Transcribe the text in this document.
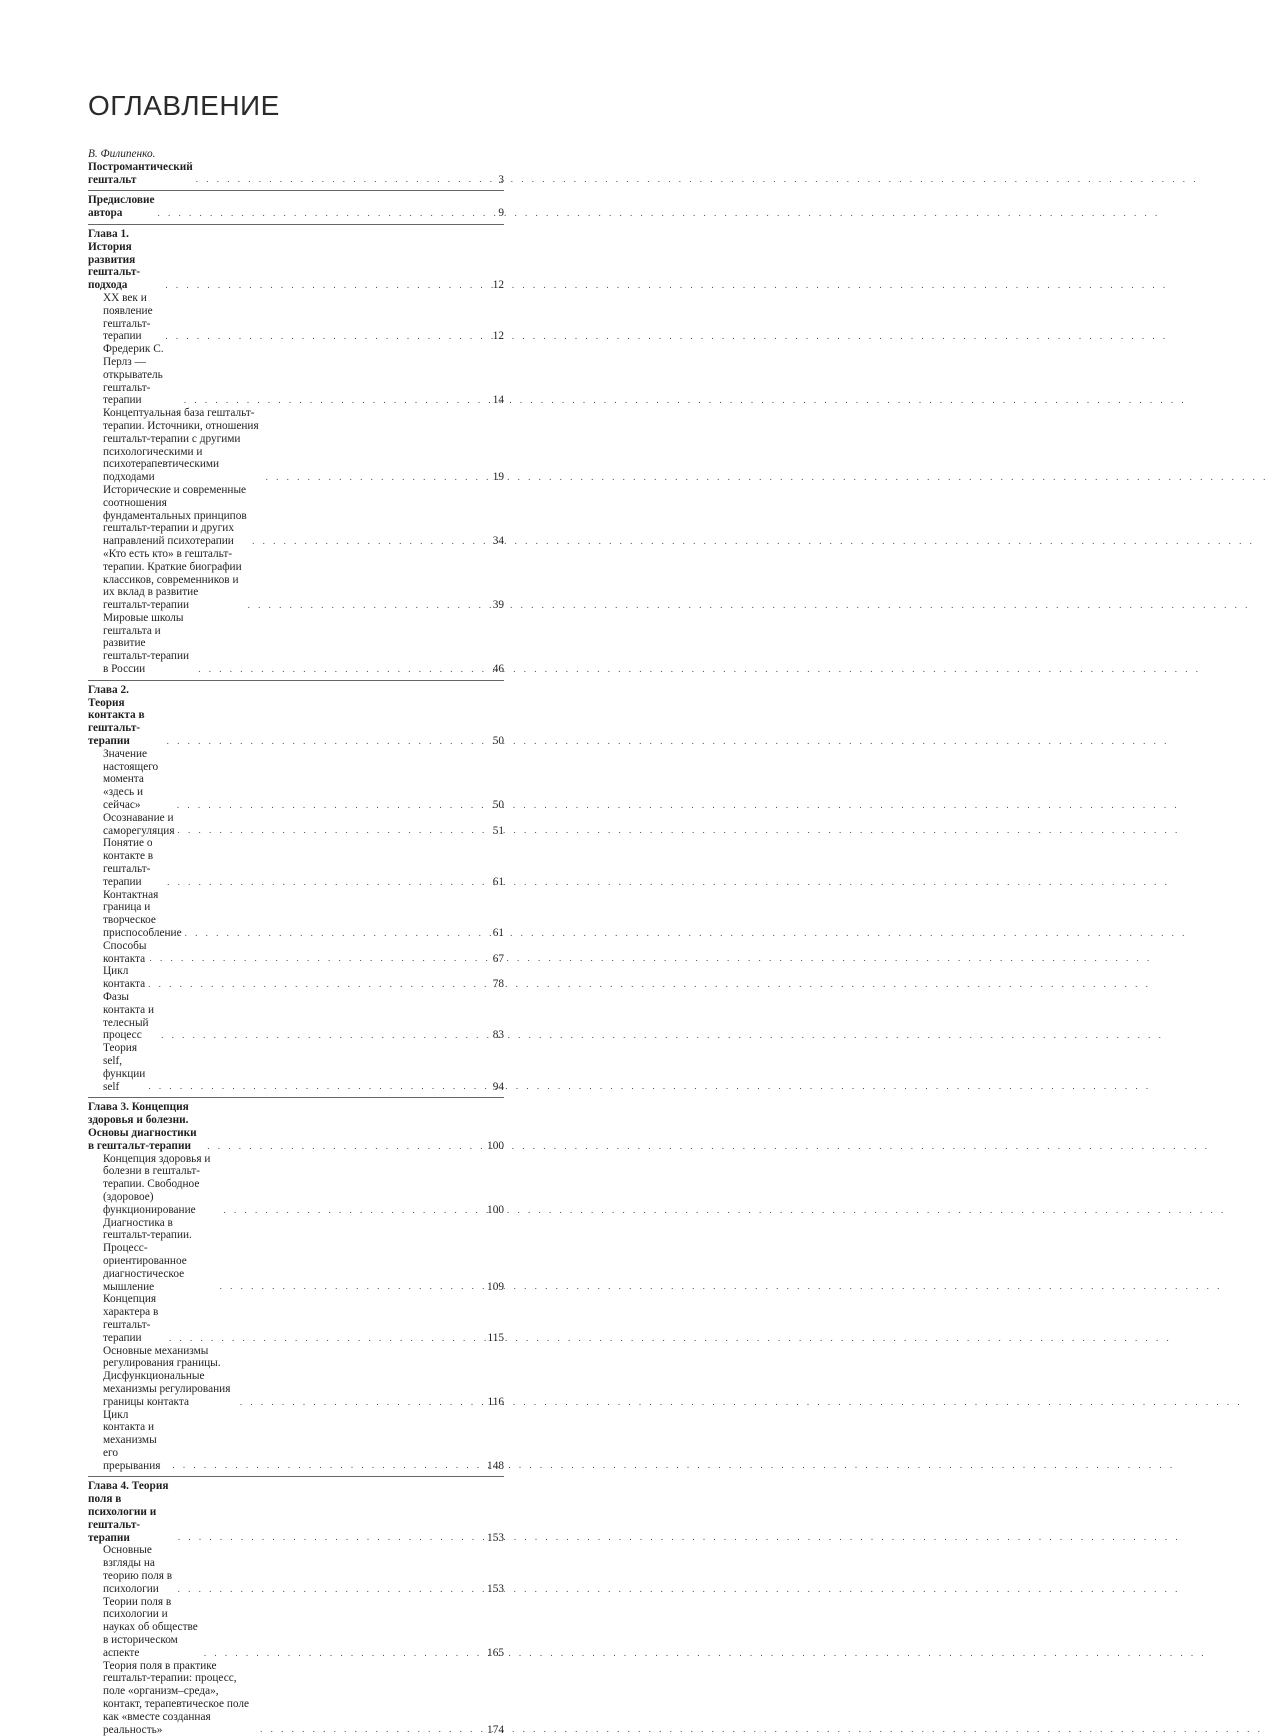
ОГЛАВЛЕНИЕ
В. Филипенко. Постромантический гештальт . . .	3
Предисловие автора . . .	9
Глава 1. История развития гештальт-подхода . . .	12
XX век и появление гештальт-терапии . . .	12
Фредерик С. Перлз — открыватель гештальт-терапии . . .	14
Концептуальная база гештальт-терапии. Источники, отношения гештальт-терапии с другими психологическими и психотерапевтическими подходами . . .	19
Исторические и современные соотношения фундаментальных принципов гештальт-терапии и других направлений психотерапии . . .	34
«Кто есть кто» в гештальт-терапии. Краткие биографии классиков, современников и их вклад в развитие гештальт-терапии . . .	39
Мировые школы гештальта и развитие гештальт-терапии в России . . .	46
Глава 2. Теория контакта в гештальт-терапии . . .	50
Значение настоящего момента «здесь и сейчас» . . .	50
Осознавание и саморегуляция . . .	51
Понятие о контакте в гештальт-терапии . . .	61
Контактная граница и творческое приспособление . . .	61
Способы контакта . . .	67
Цикл контакта . . .	78
Фазы контакта и телесный процесс . . .	83
Теория self, функции self . . .	94
Глава 3. Концепция здоровья и болезни. Основы диагностики в гештальт-терапии . . .	100
Концепция здоровья и болезни в гештальт-терапии. Свободное (здоровое) функционирование . . .	100
Диагностика в гештальт-терапии. Процесс-ориентированное диагностическое мышление . . .	109
Концепция характера в гештальт-терапии . . .	115
Основные механизмы регулирования границы. Дисфункциональные механизмы регулирования границы контакта . . .	116
Цикл контакта и механизмы его прерывания . . .	148
Глава 4. Теория поля в психологии и гештальт-терапии . . .	153
Основные взгляды на теорию поля в психологии . . .	153
Теории поля в психологии и науках об обществе в историческом аспекте . . .	165
Теория поля в практике гештальт-терапии: процесс, поле «организм–среда», контакт, терапевтическое поле как «вместе созданная реальность» . . .	174
